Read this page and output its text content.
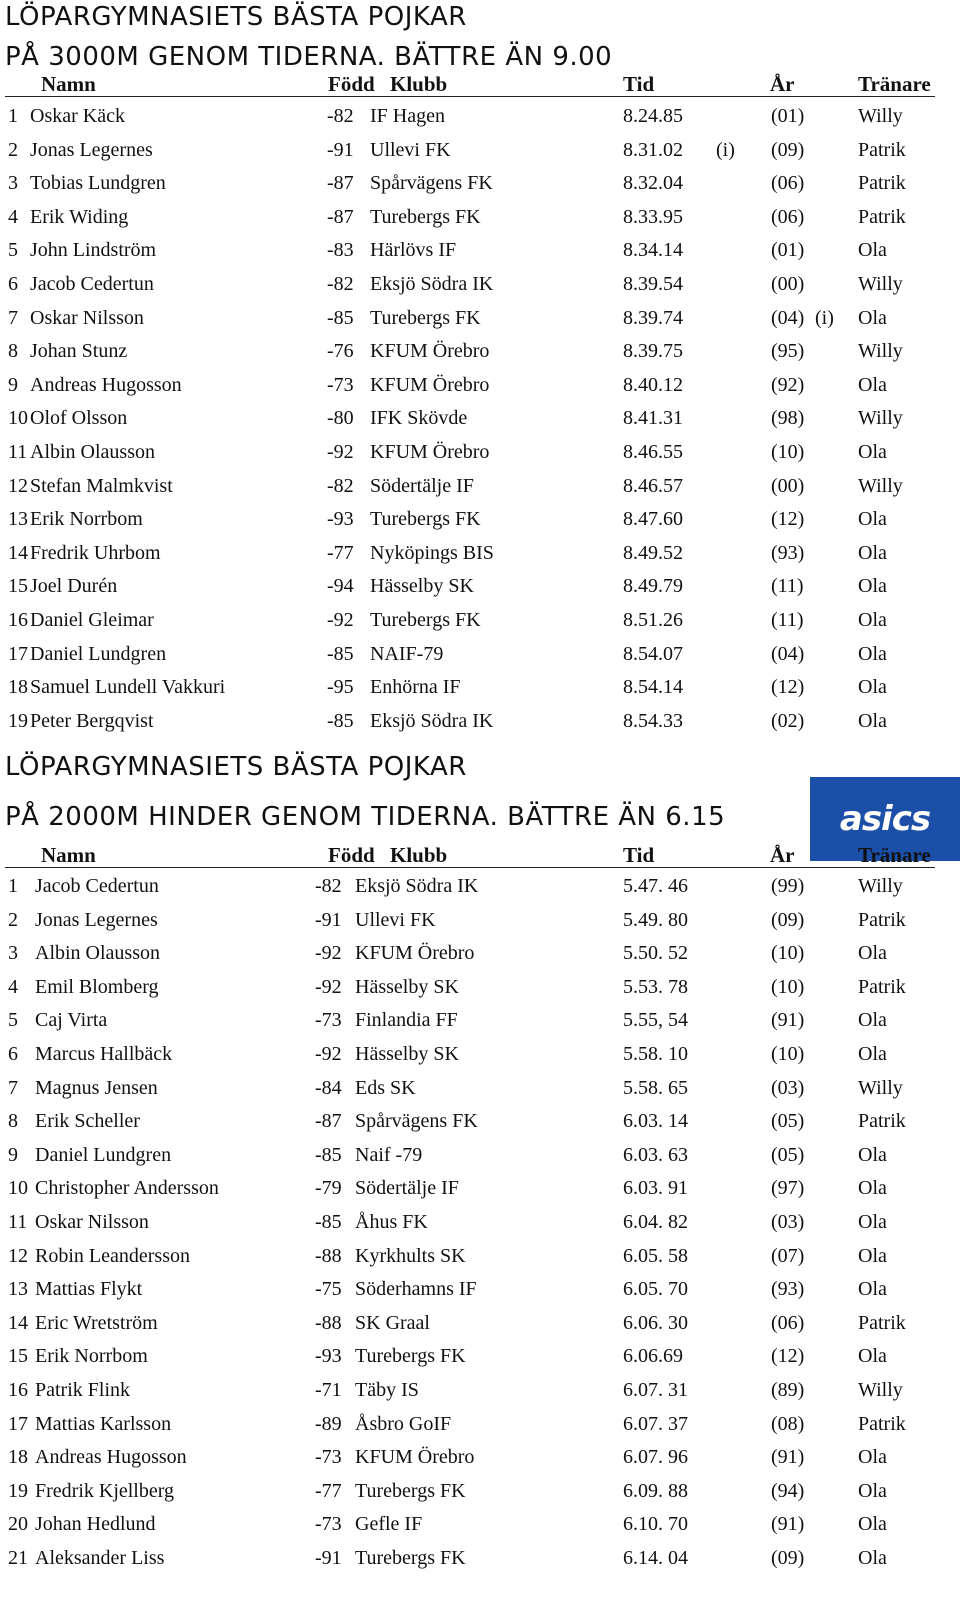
LÖPARGYMNASIETS BÄSTA POJKAR
PÅ 3000M GENOM TIDERNA. BÄTTRE ÄN 9.00
Namn	Född Klubb	Tid	År	Tränare
1 Oskar Käck	-82 IF Hagen	8.24.85	(01)	Willy
2 Jonas Legernes	-91 Ullevi FK	8.31.02 (i) (09)	Patrik
3 Tobias Lundgren	-87 Spårvägens FK	8.32.04	(06)	Patrik
4 Erik Widing	-87 Turebergs FK	8.33.95	(06)	Patrik
5 John Lindström	-83 Härlövs IF	8.34.14	(01)	Ola
6 Jacob Cedertun	-82 Eksjö Södra IK	8.39.54	(00)	Willy
7 Oskar Nilsson	-85 Turebergs FK	8.39.74	(04) (i) Ola
8 Johan Stunz	-76 KFUM Örebro	8.39.75	(95)	Willy
9 Andreas Hugosson	-73 KFUM Örebro	8.40.12	(92)	Ola
10 Olof Olsson	-80 IFK Skövde	8.41.31	(98)	Willy
11 Albin Olausson	-92 KFUM Örebro	8.46.55	(10)	Ola
12 Stefan Malmkvist	-82 Södertälje IF	8.46.57	(00)	Willy
13 Erik Norrbom	-93 Turebergs FK	8.47.60	(12)	Ola
14 Fredrik Uhrbom	-77 Nyköpings BIS	8.49.52	(93)	Ola
15 Joel Durén	-94 Hässelby SK	8.49.79	(11)	Ola
16 Daniel Gleimar	-92 Turebergs FK	8.51.26	(11)	Ola
17 Daniel Lundgren	-85 NAIF-79	8.54.07	(04)	Ola
18 Samuel Lundell Vakkuri	-95 Enhörna IF	8.54.14	(12)	Ola
19 Peter Bergqvist	-85 Eksjö Södra IK	8.54.33	(02)	Ola
LÖPARGYMNASIETS BÄSTA POJKAR
PÅ 2000M HINDER GENOM TIDERNA. BÄTTRE ÄN 6.15	asics
Namn	Född Klubb	Tid	År	Tränare
1 Jacob Cedertun	-82 Eksjö Södra IK	5.47. 46	(99)	Willy
2 Jonas Legernes	-91 Ullevi FK	5.49. 80	(09)	Patrik
3 Albin Olausson	-92 KFUM Örebro	5.50. 52	(10)	Ola
4 Emil Blomberg	-92 Hässelby SK	5.53. 78	(10)	Patrik
5 Caj Virta	-73 Finlandia FF	5.55, 54	(91)	Ola
6 Marcus Hallbäck	-92 Hässelby SK	5.58. 10	(10)	Ola
7 Magnus Jensen	-84 Eds SK	5.58. 65	(03)	Willy
8 Erik Scheller	-87 Spårvägens FK	6.03. 14	(05)	Patrik
9 Daniel Lundgren	-85 Naif -79	6.03. 63	(05)	Ola
10 Christopher Andersson	-79 Södertälje IF	6.03. 91	(97)	Ola
11 Oskar Nilsson	-85 Åhus FK	6.04. 82	(03)	Ola
12 Robin Leandersson	-88 Kyrkhults SK	6.05. 58	(07)	Ola
13 Mattias Flykt	-75 Söderhamns IF	6.05. 70	(93)	Ola
14 Eric Wretström	-88 SK Graal	6.06. 30	(06)	Patrik
15 Erik Norrbom	-93 Turebergs FK	6.06.69	(12)	Ola
16 Patrik Flink	-71 Täby IS	6.07. 31	(89)	Willy
17 Mattias Karlsson	-89 Åsbro GoIF	6.07. 37	(08)	Patrik
18 Andreas Hugosson	-73 KFUM Örebro	6.07. 96	(91)	Ola
19 Fredrik Kjellberg	-77 Turebergs FK	6.09. 88	(94)	Ola
20 Johan Hedlund	-73 Gefle IF	6.10. 70	(91)	Ola
21 Aleksander Liss	-91 Turebergs FK	6.14. 04	(09)	Ola
